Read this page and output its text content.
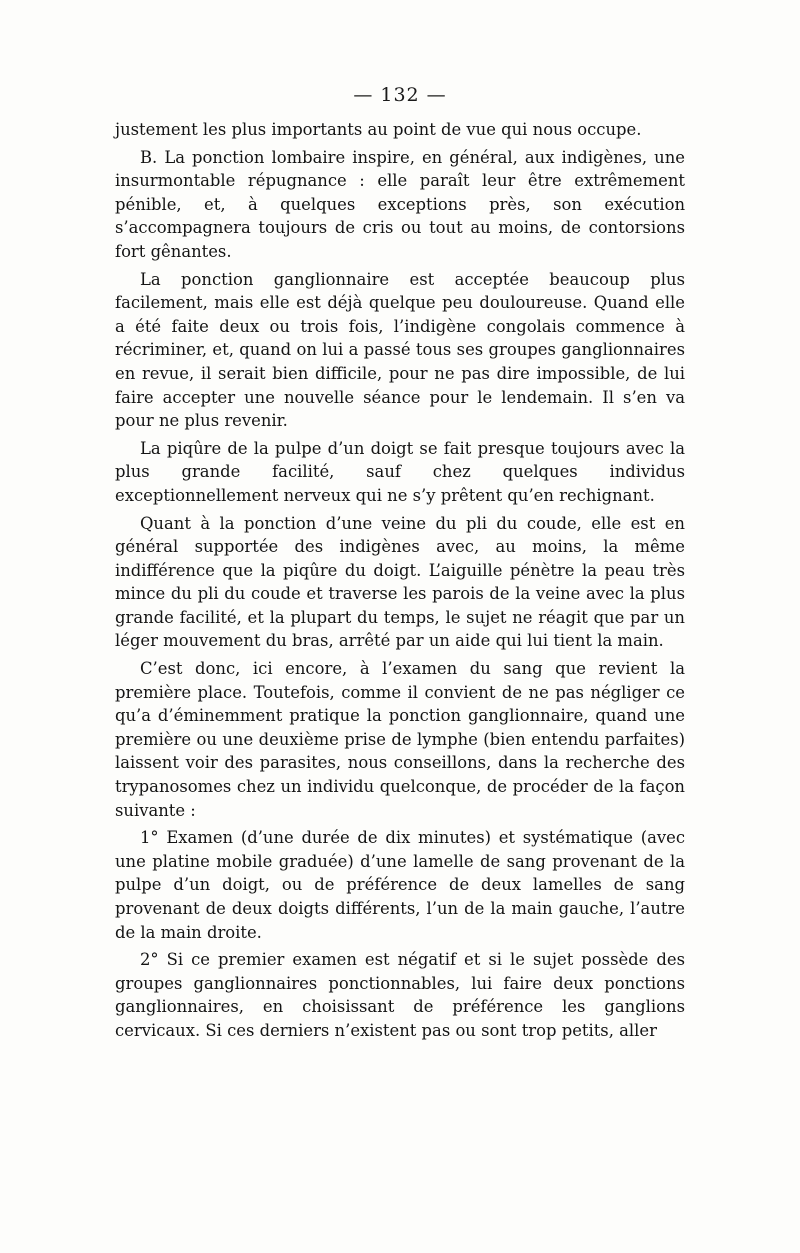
— 132 —

justement les plus importants au point de vue qui nous occupe.

B. La ponction lombaire inspire, en général, aux indigènes, une insurmontable répugnance : elle paraît leur être extrêmement pénible, et, à quelques exceptions près, son exécution s’accompagnera toujours de cris ou tout au moins, de contorsions fort gênantes.

La ponction ganglionnaire est acceptée beaucoup plus facilement, mais elle est déjà quelque peu douloureuse. Quand elle a été faite deux ou trois fois, l’indigène congolais commence à récriminer, et, quand on lui a passé tous ses groupes ganglionnaires en revue, il serait bien difficile, pour ne pas dire impossible, de lui faire accepter une nouvelle séance pour le lendemain. Il s’en va pour ne plus revenir.

La piqûre de la pulpe d’un doigt se fait presque toujours avec la plus grande facilité, sauf chez quelques individus exceptionnellement nerveux qui ne s’y prêtent qu’en rechignant.

Quant à la ponction d’une veine du pli du coude, elle est en général supportée des indigènes avec, au moins, la même indifférence que la piqûre du doigt. L’aiguille pénètre la peau très mince du pli du coude et traverse les parois de la veine avec la plus grande facilité, et la plupart du temps, le sujet ne réagit que par un léger mouvement du bras, arrêté par un aide qui lui tient la main.

C’est donc, ici encore, à l’examen du sang que revient la première place. Toutefois, comme il convient de ne pas négliger ce qu’a d’éminemment pratique la ponction ganglionnaire, quand une première ou une deuxième prise de lymphe (bien entendu parfaites) laissent voir des parasites, nous conseillons, dans la recherche des trypanosomes chez un individu quelconque, de procéder de la façon suivante :

1° Examen (d’une durée de dix minutes) et systématique (avec une platine mobile graduée) d’une lamelle de sang provenant de la pulpe d’un doigt, ou de préférence de deux lamelles de sang provenant de deux doigts différents, l’un de la main gauche, l’autre de la main droite.

2° Si ce premier examen est négatif et si le sujet possède des groupes ganglionnaires ponctionnables, lui faire deux ponctions ganglionnaires, en choisissant de préférence les ganglions cervicaux. Si ces derniers n’existent pas ou sont trop petits, aller
